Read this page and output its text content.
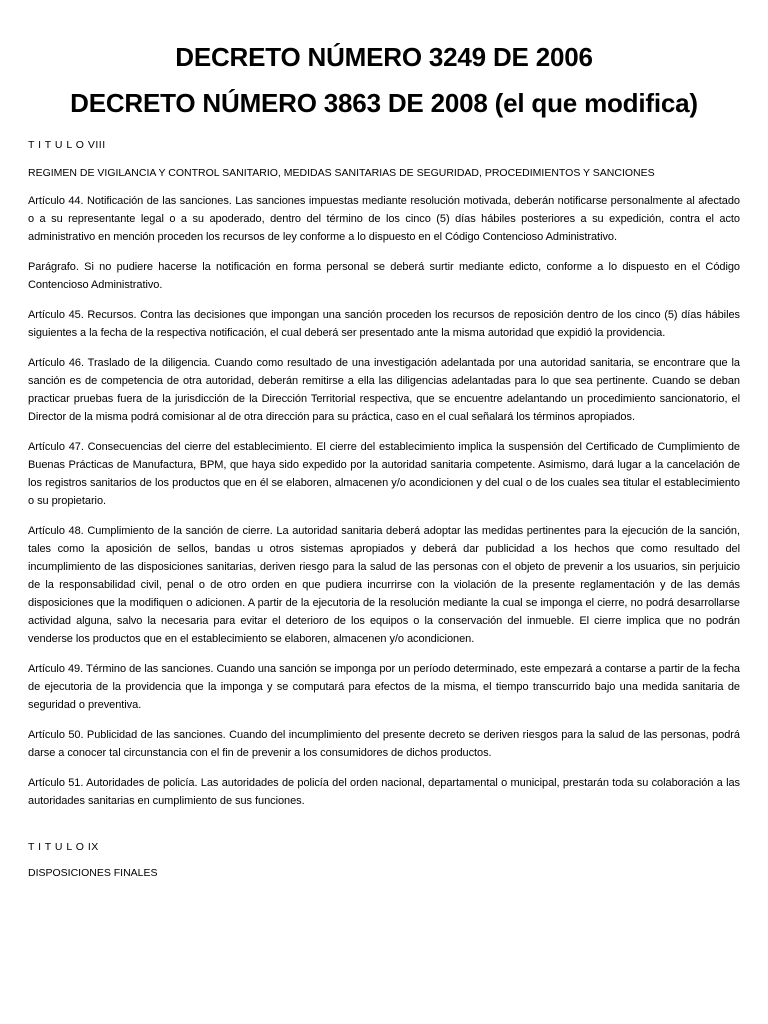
DECRETO NÚMERO 3249 DE 2006
DECRETO NÚMERO 3863 DE 2008 (el que modifica)

T I T U L O VIII

REGIMEN DE VIGILANCIA Y CONTROL SANITARIO, MEDIDAS SANITARIAS DE SEGURIDAD, PROCEDIMIENTOS Y SANCIONES

Artículo 44. Notificación de las sanciones. Las sanciones impuestas mediante resolución motivada, deberán notificarse personalmente al afectado o a su representante legal o a su apoderado, dentro del término de los cinco (5) días hábiles posteriores a su expedición, contra el acto administrativo en mención proceden los recursos de ley conforme a lo dispuesto en el Código Contencioso Administrativo.

Parágrafo. Si no pudiere hacerse la notificación en forma personal se deberá surtir mediante edicto, conforme a lo dispuesto en el Código Contencioso Administrativo.

Artículo 45. Recursos. Contra las decisiones que impongan una sanción proceden los recursos de reposición dentro de los cinco (5) días hábiles siguientes a la fecha de la respectiva notificación, el cual deberá ser presentado ante la misma autoridad que expidió la providencia.

Artículo 46. Traslado de la diligencia. Cuando como resultado de una investigación adelantada por una autoridad sanitaria, se encontrare que la sanción es de competencia de otra autoridad, deberán remitirse a ella las diligencias adelantadas para lo que sea pertinente. Cuando se deban practicar pruebas fuera de la jurisdicción de la Dirección Territorial respectiva, que se encuentre adelantando un procedimiento sancionatorio, el Director de la misma podrá comisionar al de otra dirección para su práctica, caso en el cual señalará los términos apropiados.

Artículo 47. Consecuencias del cierre del establecimiento. El cierre del establecimiento implica la suspensión del Certificado de Cumplimiento de Buenas Prácticas de Manufactura, BPM, que haya sido expedido por la autoridad sanitaria competente. Asimismo, dará lugar a la cancelación de los registros sanitarios de los productos que en él se elaboren, almacenen y/o acondicionen y del cual o de los cuales sea titular el establecimiento o su propietario.

Artículo 48. Cumplimiento de la sanción de cierre. La autoridad sanitaria deberá adoptar las medidas pertinentes para la ejecución de la sanción, tales como la aposición de sellos, bandas u otros sistemas apropiados y deberá dar publicidad a los hechos que como resultado del incumplimiento de las disposiciones sanitarias, deriven riesgo para la salud de las personas con el objeto de prevenir a los usuarios, sin perjuicio de la responsabilidad civil, penal o de otro orden en que pudiera incurrirse con la violación de la presente reglamentación y de las demás disposiciones que la modifiquen o adicionen. A partir de la ejecutoria de la resolución mediante la cual se imponga el cierre, no podrá desarrollarse actividad alguna, salvo la necesaria para evitar el deterioro de los equipos o la conservación del inmueble. El cierre implica que no podrán venderse los productos que en el establecimiento se elaboren, almacenen y/o acondicionen.

Artículo 49. Término de las sanciones. Cuando una sanción se imponga por un período determinado, este empezará a contarse a partir de la fecha de ejecutoria de la providencia que la imponga y se computará para efectos de la misma, el tiempo transcurrido bajo una medida sanitaria de seguridad o preventiva.

Artículo 50. Publicidad de las sanciones. Cuando del incumplimiento del presente decreto se deriven riesgos para la salud de las personas, podrá darse a conocer tal circunstancia con el fin de prevenir a los consumidores de dichos productos.

Artículo 51. Autoridades de policía. Las autoridades de policía del orden nacional, departamental o municipal, prestarán toda su colaboración a las autoridades sanitarias en cumplimiento de sus funciones.

T I T U L O IX

DISPOSICIONES FINALES
